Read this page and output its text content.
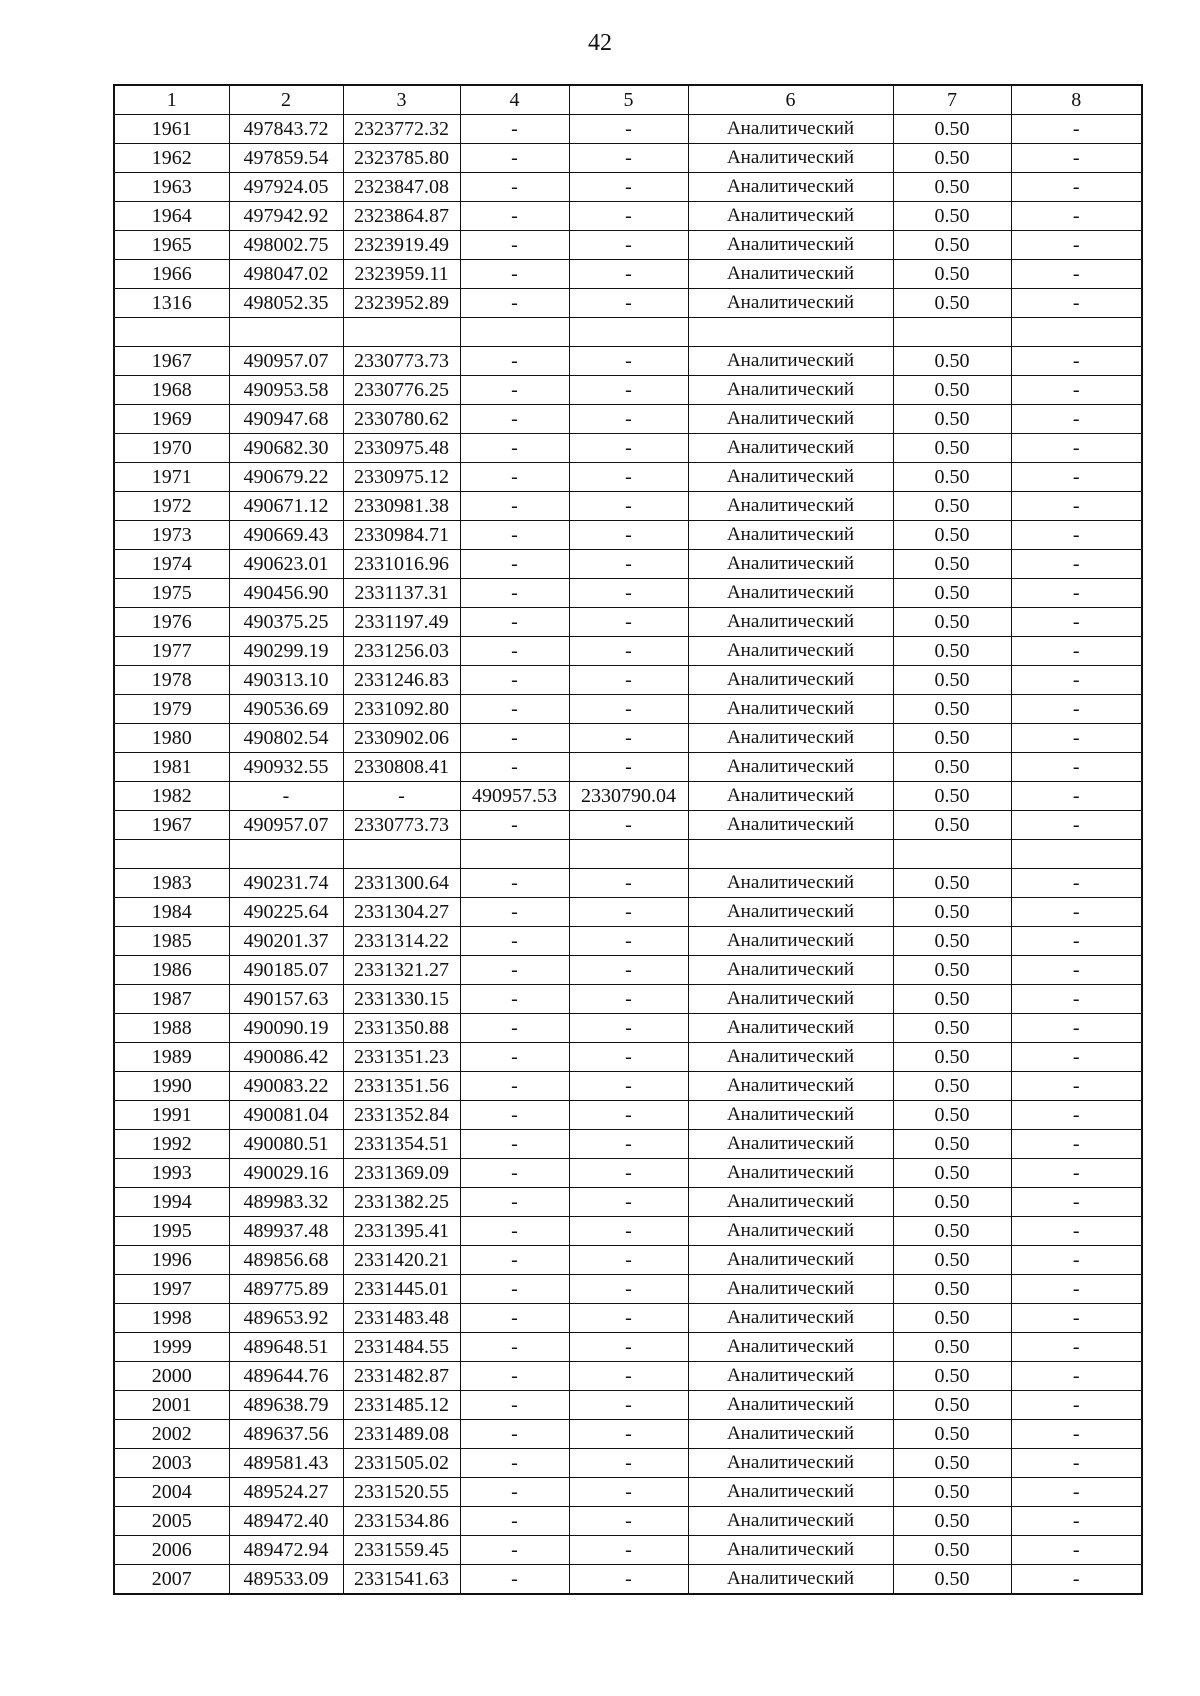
42
1	2	3	4	5	6	7	8
1961	497843.72	2323772.32	-	-	Аналитический	0.50	-
1962	497859.54	2323785.80	-	-	Аналитический	0.50	-
1963	497924.05	2323847.08	-	-	Аналитический	0.50	-
1964	497942.92	2323864.87	-	-	Аналитический	0.50	-
1965	498002.75	2323919.49	-	-	Аналитический	0.50	-
1966	498047.02	2323959.11	-	-	Аналитический	0.50	-
1316	498052.35	2323952.89	-	-	Аналитический	0.50	-

1967	490957.07	2330773.73	-	-	Аналитический	0.50	-
1968	490953.58	2330776.25	-	-	Аналитический	0.50	-
1969	490947.68	2330780.62	-	-	Аналитический	0.50	-
1970	490682.30	2330975.48	-	-	Аналитический	0.50	-
1971	490679.22	2330975.12	-	-	Аналитический	0.50	-
1972	490671.12	2330981.38	-	-	Аналитический	0.50	-
1973	490669.43	2330984.71	-	-	Аналитический	0.50	-
1974	490623.01	2331016.96	-	-	Аналитический	0.50	-
1975	490456.90	2331137.31	-	-	Аналитический	0.50	-
1976	490375.25	2331197.49	-	-	Аналитический	0.50	-
1977	490299.19	2331256.03	-	-	Аналитический	0.50	-
1978	490313.10	2331246.83	-	-	Аналитический	0.50	-
1979	490536.69	2331092.80	-	-	Аналитический	0.50	-
1980	490802.54	2330902.06	-	-	Аналитический	0.50	-
1981	490932.55	2330808.41	-	-	Аналитический	0.50	-
1982	-	-	490957.53	2330790.04	Аналитический	0.50	-
1967	490957.07	2330773.73	-	-	Аналитический	0.50	-

1983	490231.74	2331300.64	-	-	Аналитический	0.50	-
1984	490225.64	2331304.27	-	-	Аналитический	0.50	-
1985	490201.37	2331314.22	-	-	Аналитический	0.50	-
1986	490185.07	2331321.27	-	-	Аналитический	0.50	-
1987	490157.63	2331330.15	-	-	Аналитический	0.50	-
1988	490090.19	2331350.88	-	-	Аналитический	0.50	-
1989	490086.42	2331351.23	-	-	Аналитический	0.50	-
1990	490083.22	2331351.56	-	-	Аналитический	0.50	-
1991	490081.04	2331352.84	-	-	Аналитический	0.50	-
1992	490080.51	2331354.51	-	-	Аналитический	0.50	-
1993	490029.16	2331369.09	-	-	Аналитический	0.50	-
1994	489983.32	2331382.25	-	-	Аналитический	0.50	-
1995	489937.48	2331395.41	-	-	Аналитический	0.50	-
1996	489856.68	2331420.21	-	-	Аналитический	0.50	-
1997	489775.89	2331445.01	-	-	Аналитический	0.50	-
1998	489653.92	2331483.48	-	-	Аналитический	0.50	-
1999	489648.51	2331484.55	-	-	Аналитический	0.50	-
2000	489644.76	2331482.87	-	-	Аналитический	0.50	-
2001	489638.79	2331485.12	-	-	Аналитический	0.50	-
2002	489637.56	2331489.08	-	-	Аналитический	0.50	-
2003	489581.43	2331505.02	-	-	Аналитический	0.50	-
2004	489524.27	2331520.55	-	-	Аналитический	0.50	-
2005	489472.40	2331534.86	-	-	Аналитический	0.50	-
2006	489472.94	2331559.45	-	-	Аналитический	0.50	-
2007	489533.09	2331541.63	-	-	Аналитический	0.50	-
